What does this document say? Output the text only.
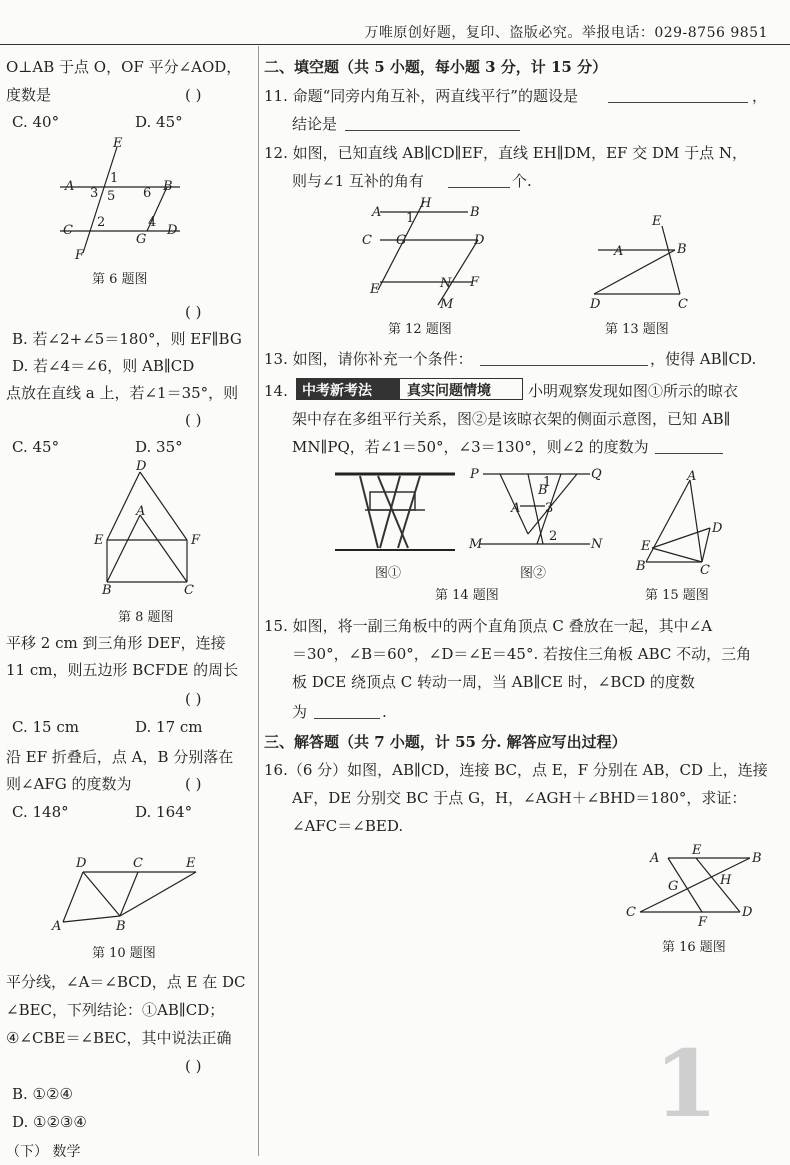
万唯原创好题，复印、盗版必究。举报电话：029-8756 9851
O⊥AB 于点 O，OF 平分∠AOD，
度数是	( )
C. 40°	D. 45°
E
A	B
C	D
F
G
3
1
5 6
2	4
第 6 题图
( )
B. 若∠2+∠5＝180°，则 EF∥BG
D. 若∠4＝∠6，则 AB∥CD
点放在直线 a 上，若∠1＝35°，则
( )
C. 45°	D. 35°
D
A
E	F
B	C
第 8 题图
平移 2 cm 到三角形 DEF，连接
11 cm，则五边形 BCFDE 的周长
( )
C. 15 cm	D. 17 cm
沿 EF 折叠后，点 A，B 分别落在
则∠AFG 的度数为	( )
C. 148°	D. 164°
D	C	E
A	B
第 10 题图
平分线，∠A＝∠BCD，点 E 在 DC
∠BEC，下列结论：①AB∥CD；
④∠CBE＝∠BEC，其中说法正确
( )
B. ①②④
D. ①②③④
（下） 数学
二、填空题（共 5 小题，每小题 3 分，计 15 分）
11. 命题“同旁内角互补，两直线平行”的题设是	，
结论是
12. 如图，已知直线 AB∥CD∥EF，直线 EH∥DM，EF 交 DM 于点 N，
则与∠1 互补的角有	个.
A
H
B
C G	D
E	N F
M
1
第 12 题图
E
A	B
D	C
第 13 题图
13. 如图，请你补充一个条件：	，使得 AB∥CD.
14. 中考新考法	真实问题情境 小明观察发现如图①所示的晾衣
架中存在多组平行关系，图②是该晾衣架的侧面示意图，已知 AB∥
MN∥PQ，若∠1＝50°，∠3＝130°，则∠2 的度数为
图①
P	Q
M	N
A
B
1
3
2
图②
第 14 题图
A
D
E
B	C
第 15 题图
15. 如图，将一副三角板中的两个直角顶点 C 叠放在一起，其中∠A
＝30°，∠B＝60°，∠D＝∠E＝45°. 若按住三角板 ABC 不动，三角
板 DCE 绕顶点 C 转动一周，当 AB∥CE 时，∠BCD 的度数
为	.
三、解答题（共 7 小题，计 55 分. 解答应写出过程）
16.（6 分）如图，AB∥CD，连接 BC，点 E，F 分别在 AB，CD 上，连接
AF，DE 分别交 BC 于点 G，H，∠AGH＋∠BHD＝180°，求证：
∠AFC＝∠BED.
A
E
B
G	H
C
F
D
第 16 题图
1
